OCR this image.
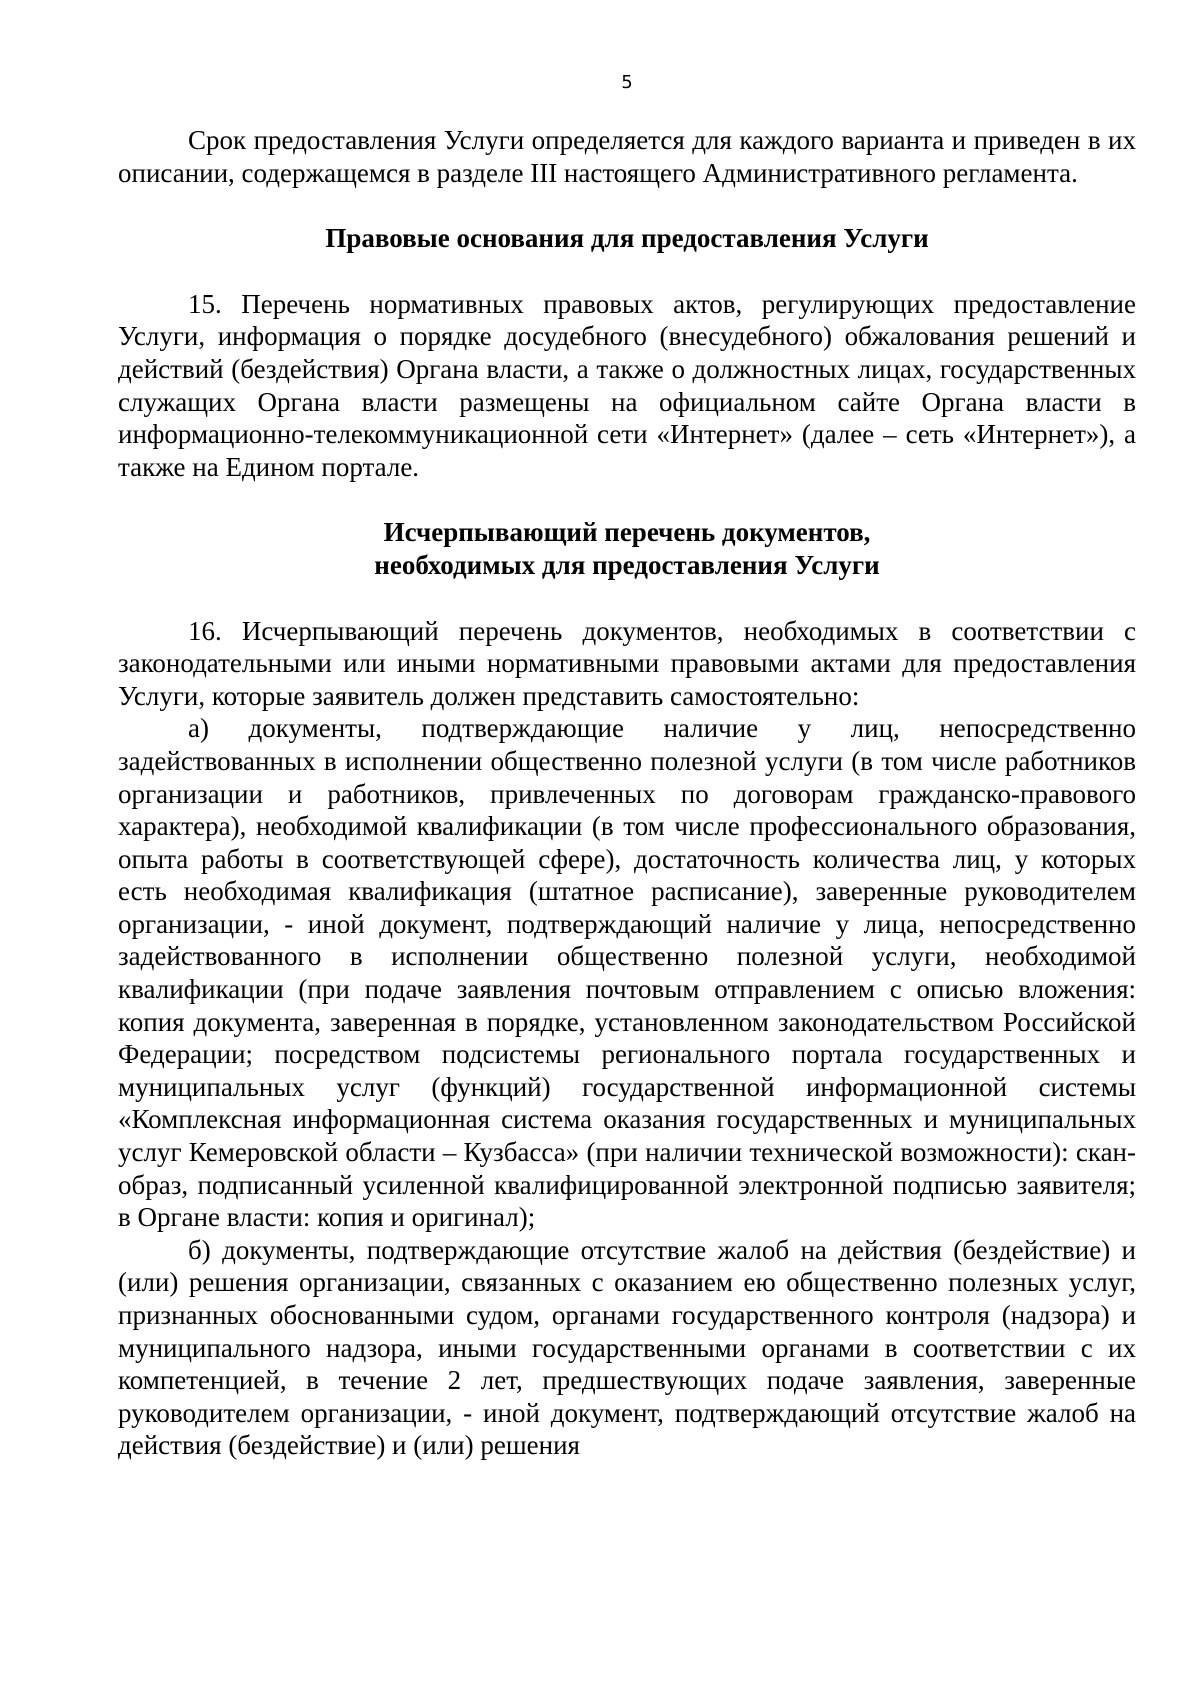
5

Срок предоставления Услуги определяется для каждого варианта и приведен в их описании, содержащемся в разделе III настоящего Административного регламента.

Правовые основания для предоставления Услуги

15. Перечень нормативных правовых актов, регулирующих предоставление Услуги, информация о порядке досудебного (внесудебного) обжалования решений и действий (бездействия) Органа власти, а также о должностных лицах, государственных служащих Органа власти размещены на официальном сайте Органа власти в информационно-телекоммуникационной сети «Интернет» (далее – сеть «Интернет»), а также на Едином портале.

Исчерпывающий перечень документов,
необходимых для предоставления Услуги

16. Исчерпывающий перечень документов, необходимых в соответствии с законодательными или иными нормативными правовыми актами для предоставления Услуги, которые заявитель должен представить самостоятельно:

а) документы, подтверждающие наличие у лиц, непосредственно задействованных в исполнении общественно полезной услуги (в том числе работников организации и работников, привлеченных по договорам гражданско-правового характера), необходимой квалификации (в том числе профессионального образования, опыта работы в соответствующей сфере), достаточность количества лиц, у которых есть необходимая квалификация (штатное расписание), заверенные руководителем организации, - иной документ, подтверждающий наличие у лица, непосредственно задействованного в исполнении общественно полезной услуги, необходимой квалификации (при подаче заявления почтовым отправлением с описью вложения: копия документа, заверенная в порядке, установленном законодательством Российской Федерации; посредством подсистемы регионального портала государственных и муниципальных услуг (функций) государственной информационной системы «Комплексная информационная система оказания государственных и муниципальных услуг Кемеровской области – Кузбасса» (при наличии технической возможности): скан-образ, подписанный усиленной квалифицированной электронной подписью заявителя; в Органе власти: копия и оригинал);

б) документы, подтверждающие отсутствие жалоб на действия (бездействие) и (или) решения организации, связанных с оказанием ею общественно полезных услуг, признанных обоснованными судом, органами государственного контроля (надзора) и муниципального надзора, иными государственными органами в соответствии с их компетенцией, в течение 2 лет, предшествующих подаче заявления, заверенные руководителем организации, - иной документ, подтверждающий отсутствие жалоб на действия (бездействие) и (или) решения
